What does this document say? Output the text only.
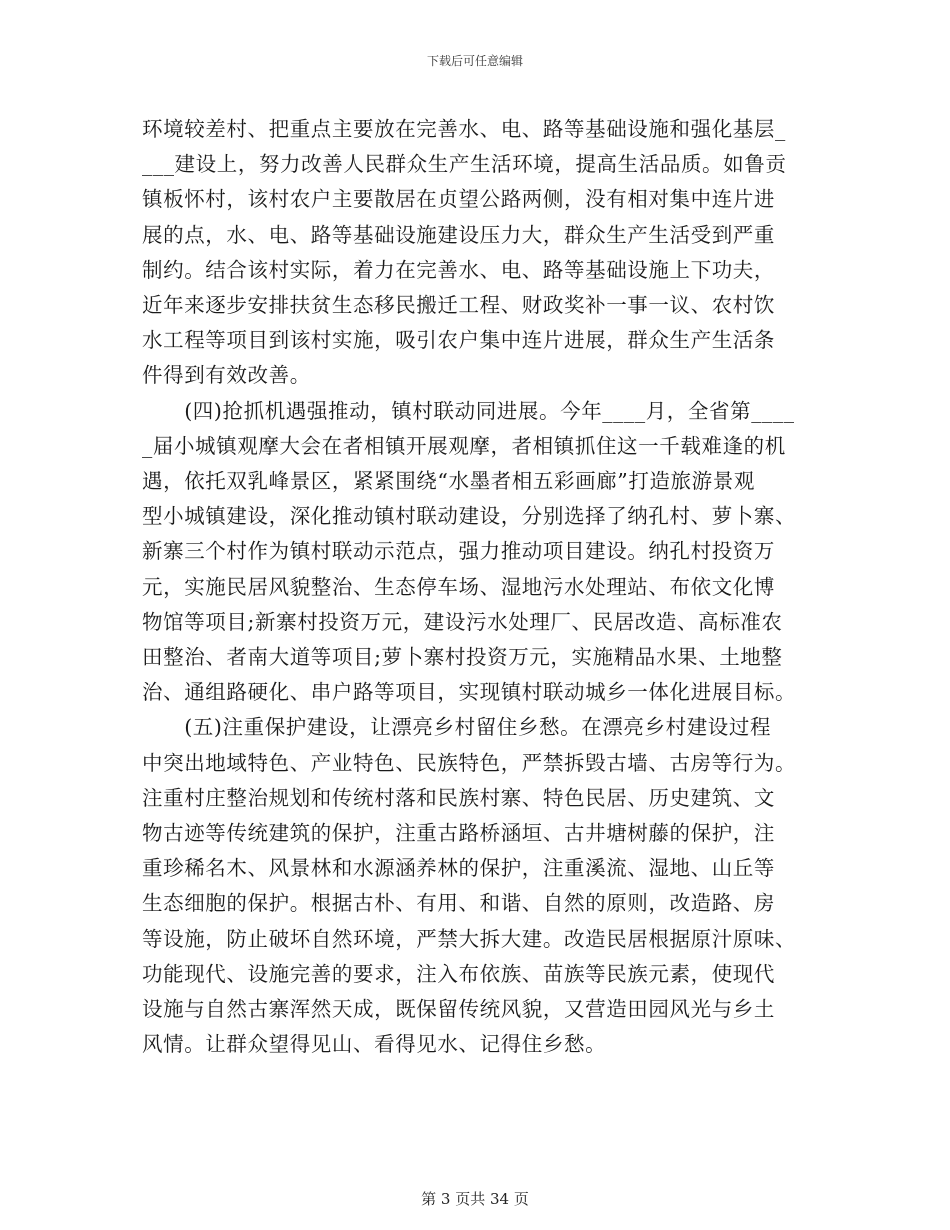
下载后可任意编辑

环境较差村、把重点主要放在完善水、电、路等基础设施和强化基层_
___建设上，努力改善人民群众生产生活环境，提高生活品质。如鲁贡
镇板怀村，该村农户主要散居在贞望公路两侧，没有相对集中连片进
展的点，水、电、路等基础设施建设压力大，群众生产生活受到严重
制约。结合该村实际，着力在完善水、电、路等基础设施上下功夫，
近年来逐步安排扶贫生态移民搬迁工程、财政奖补一事一议、农村饮
水工程等项目到该村实施，吸引农户集中连片进展，群众生产生活条
件得到有效改善。

　　(四)抢抓机遇强推动，镇村联动同进展。今年____月，全省第____
_届小城镇观摩大会在者相镇开展观摩，者相镇抓住这一千载难逢的机
遇，依托双乳峰景区，紧紧围绕“水墨者相五彩画廊”打造旅游景观
型小城镇建设，深化推动镇村联动建设，分别选择了纳孔村、萝卜寨、
新寨三个村作为镇村联动示范点，强力推动项目建设。纳孔村投资万
元，实施民居风貌整治、生态停车场、湿地污水处理站、布依文化博
物馆等项目;新寨村投资万元，建设污水处理厂、民居改造、高标准农
田整治、者南大道等项目;萝卜寨村投资万元，实施精品水果、土地整
治、通组路硬化、串户路等项目，实现镇村联动城乡一体化进展目标。

　　(五)注重保护建设，让漂亮乡村留住乡愁。在漂亮乡村建设过程
中突出地域特色、产业特色、民族特色，严禁拆毁古墙、古房等行为。
注重村庄整治规划和传统村落和民族村寨、特色民居、历史建筑、文
物古迹等传统建筑的保护，注重古路桥涵垣、古井塘树藤的保护，注
重珍稀名木、风景林和水源涵养林的保护，注重溪流、湿地、山丘等
生态细胞的保护。根据古朴、有用、和谐、自然的原则，改造路、房
等设施，防止破坏自然环境，严禁大拆大建。改造民居根据原汁原味、
功能现代、设施完善的要求，注入布依族、苗族等民族元素，使现代
设施与自然古寨浑然天成，既保留传统风貌，又营造田园风光与乡土
风情。让群众望得见山、看得见水、记得住乡愁。

第 3 页共 34 页
